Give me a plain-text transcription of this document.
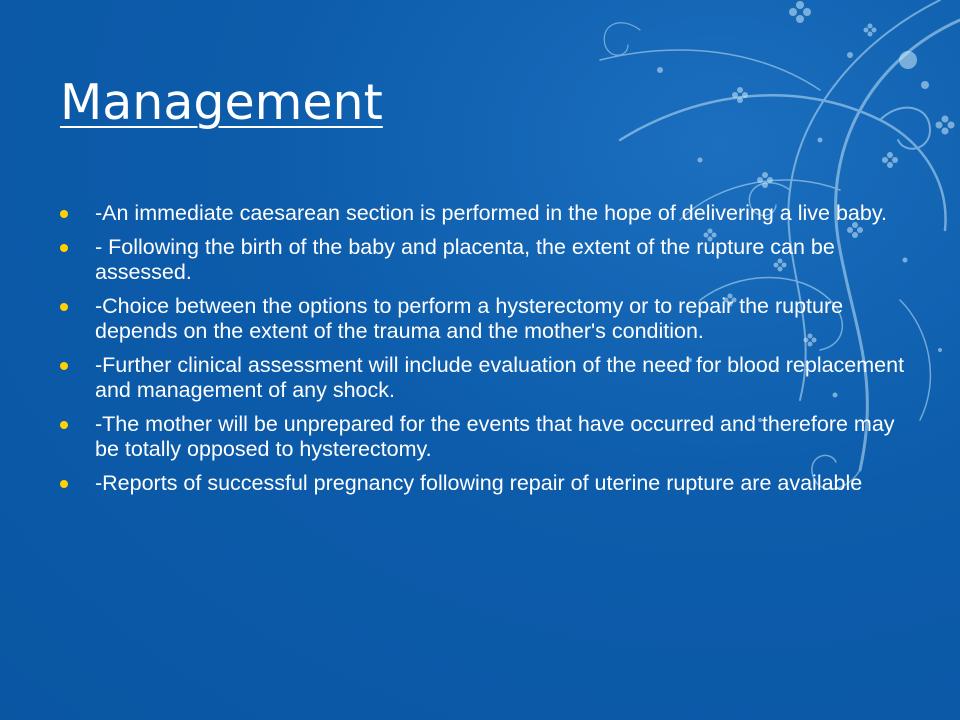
Management
-An immediate caesarean section is performed in the hope of delivering a live baby.
- Following the birth of the baby and placenta, the extent of the rupture can be assessed.
-Choice between the options to perform a hysterectomy or to repair the rupture depends on the extent of the trauma and the mother's condition.
-Further clinical assessment will include evaluation of the need for blood replacement and management of any shock.
-The mother will be unprepared for the events that have occurred and therefore may be totally opposed to hysterectomy.
-Reports of successful pregnancy following repair of uterine rupture are available
